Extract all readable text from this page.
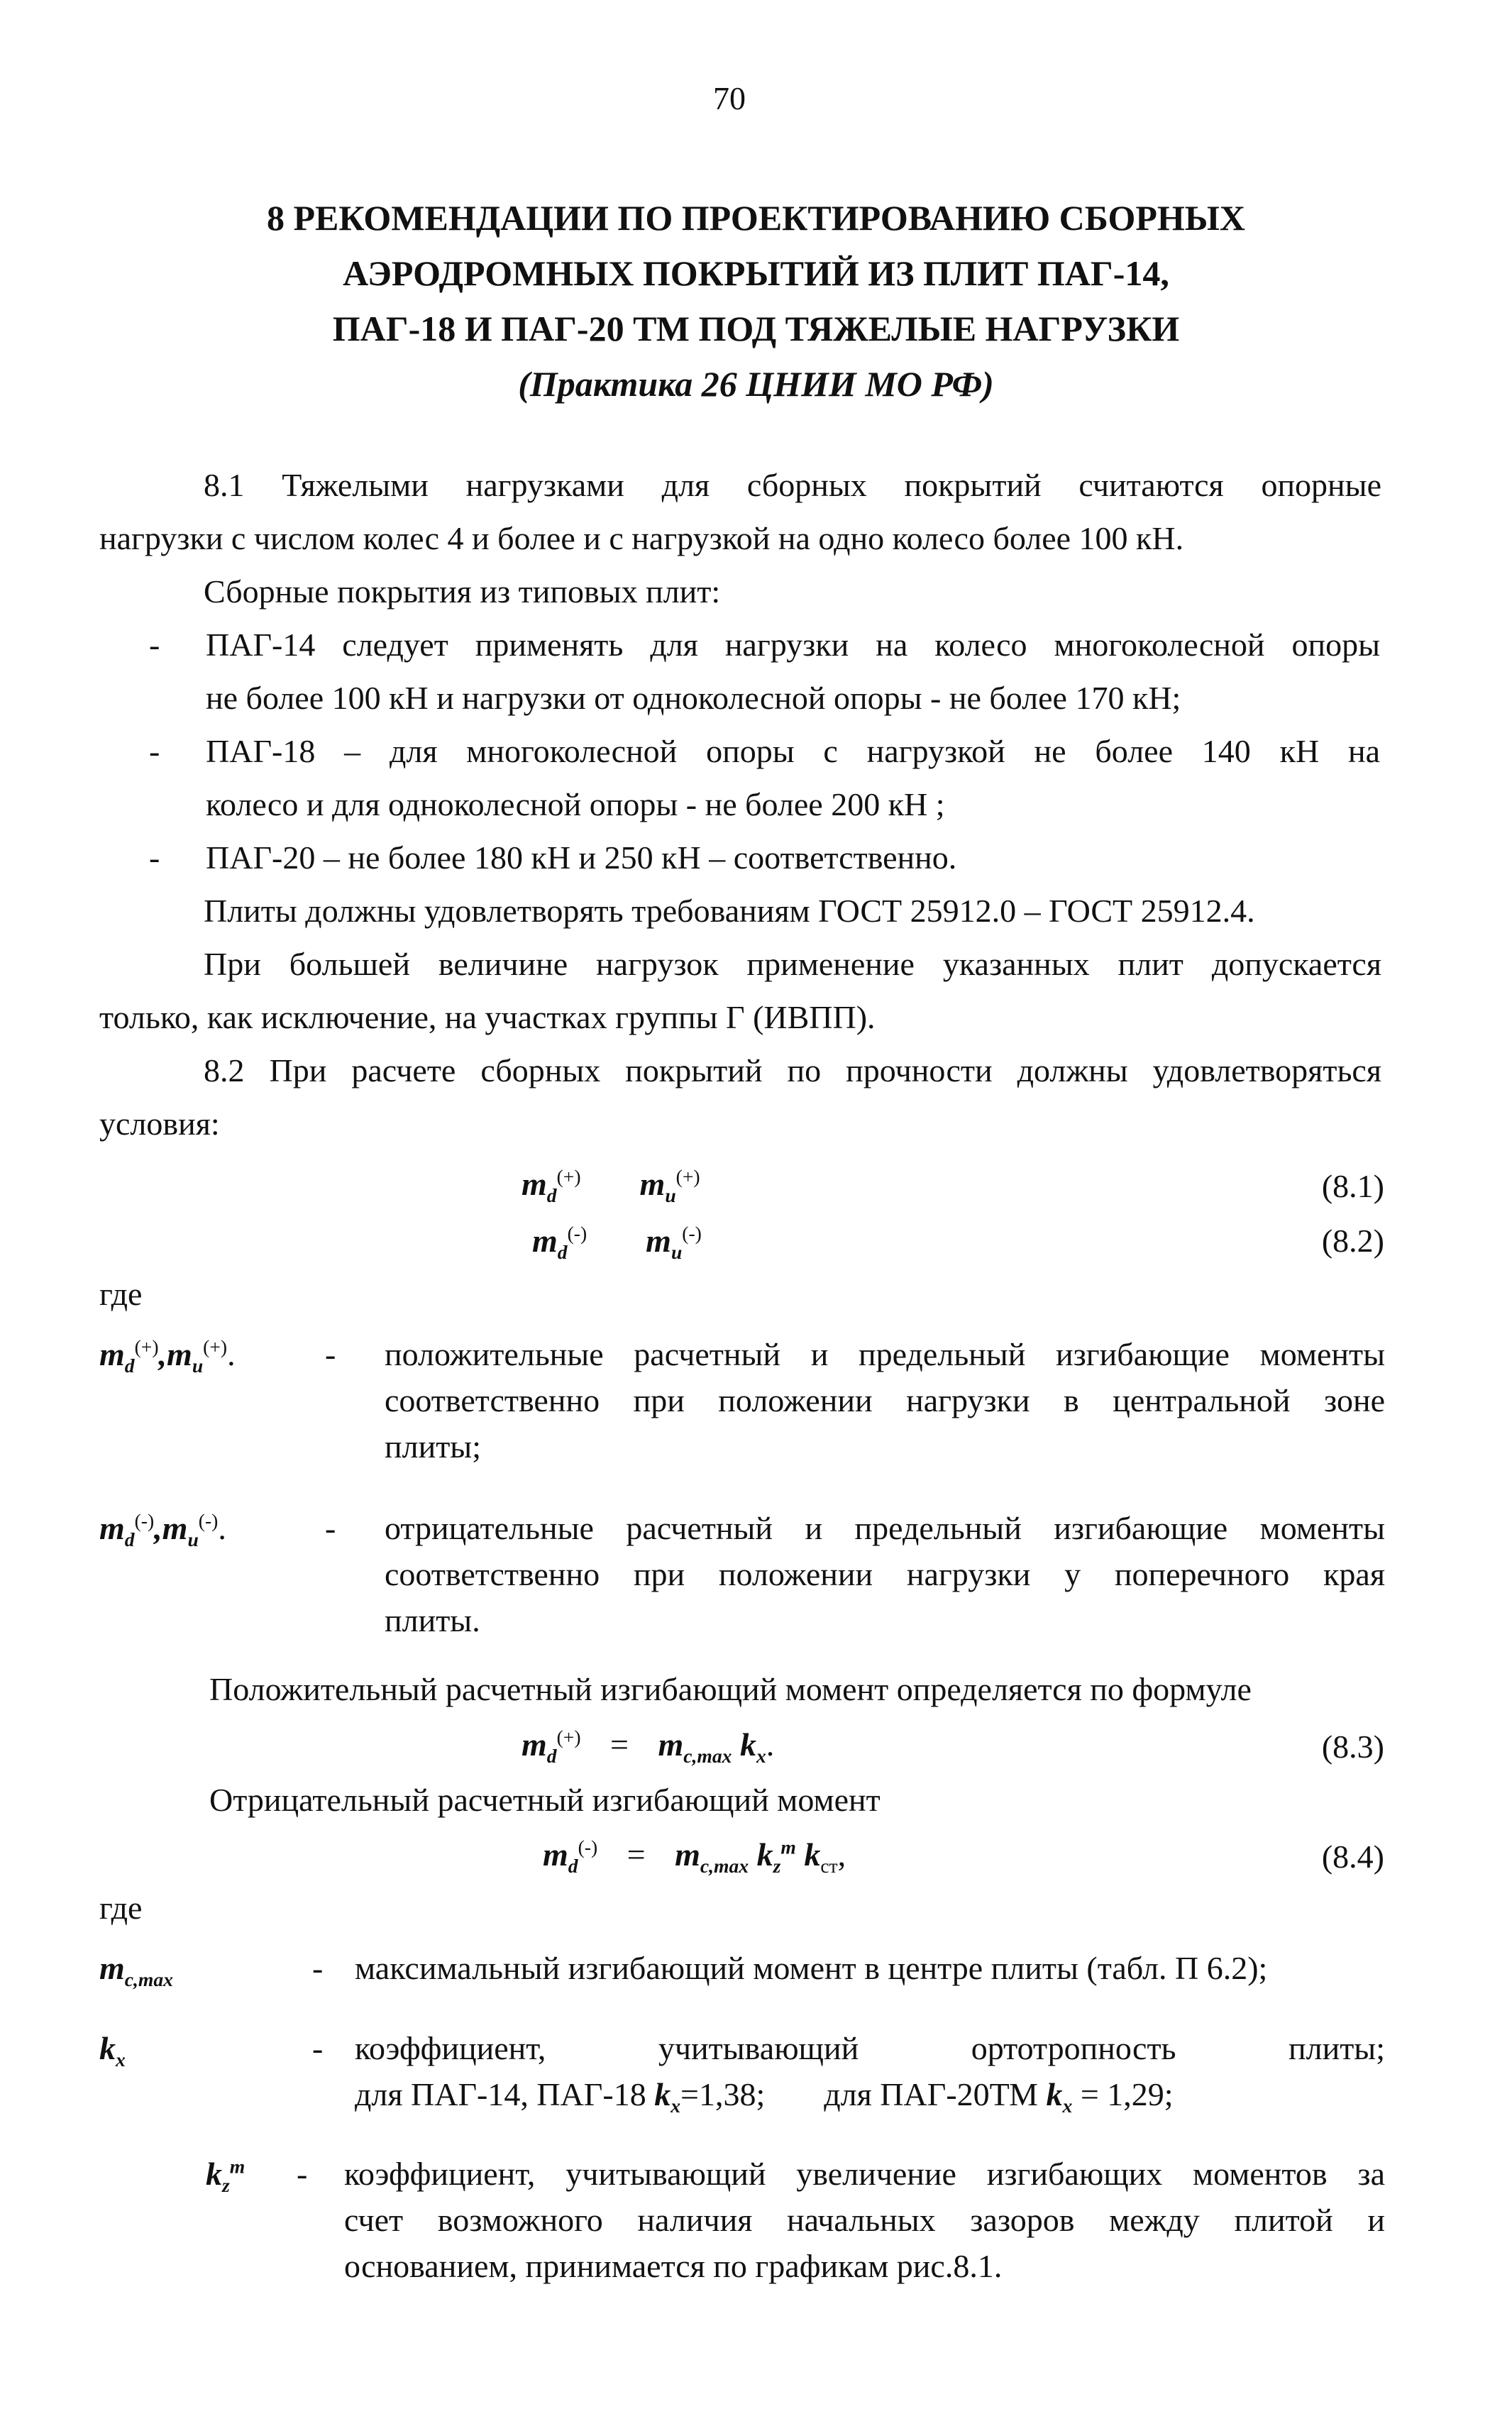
70
8 РЕКОМЕНДАЦИИ ПО ПРОЕКТИРОВАНИЮ СБОРНЫХ
АЭРОДРОМНЫХ ПОКРЫТИЙ ИЗ ПЛИТ ПАГ-14,
ПАГ-18 И ПАГ-20 ТМ ПОД ТЯЖЕЛЫЕ НАГРУЗКИ
(Практика 26 ЦНИИ МО РФ)
8.1 Тяжелыми нагрузками для сборных покрытий считаются опорные
нагрузки с числом колес 4 и более и с нагрузкой на одно колесо более 100 кН.
Сборные покрытия из типовых плит:
- ПАГ-14 следует применять для нагрузки на колесо многоколесной опоры
не более 100 кН и нагрузки от одноколесной опоры - не более 170 кН;
- ПАГ-18 – для многоколесной опоры с нагрузкой не более 140 кН на
колесо и для одноколесной опоры - не более 200 кН ;
- ПАГ-20 – не более 180 кН и 250 кН – соответственно.
Плиты должны удовлетворять требованиям ГОСТ 25912.0 – ГОСТ 25912.4.
При большей величине нагрузок применение указанных плит допускается
только, как исключение, на участках группы Г (ИВПП).
8.2 При расчете сборных покрытий по прочности должны удовлетворяться
условия:
$m_d^{(+)}$ $m_u^{(+)}$	(8.1)
$m_d^{(-)}$ $m_u^{(-)}$	(8.2)
где
$m_d^{(+)},m_u^{(+)}$.	- положительные расчетный и предельный изгибающие моменты
соответственно при положении нагрузки в центральной зоне
плиты;
$m_d^{(-)},m_u^{(-)}$.	- отрицательные расчетный и предельный изгибающие моменты
соответственно при положении нагрузки у поперечного края
плиты.
Положительный расчетный изгибающий момент определяется по формуле
$m_d^{(+)} = m_{c,max}$ $k_x$.	(8.3)
Отрицательный расчетный изгибающий момент
$m_d^{(-)} = m_{c,max}$ $k_z^m$ $k_{ст}$,	(8.4)
где
$m_{c,max}$	- максимальный изгибающий момент в центре плиты (табл. П 6.2);
$k_x$	- коэффициент, учитывающий ортотропность плиты;
для ПАГ-14, ПАГ-18 $k_x=1,38$; для ПАГ-20ТМ $k_x = 1,29$;
$k_z^m$ - коэффициент, учитывающий увеличение изгибающих моментов за
счет возможного наличия начальных зазоров между плитой и
основанием, принимается по графикам рис.8.1.
